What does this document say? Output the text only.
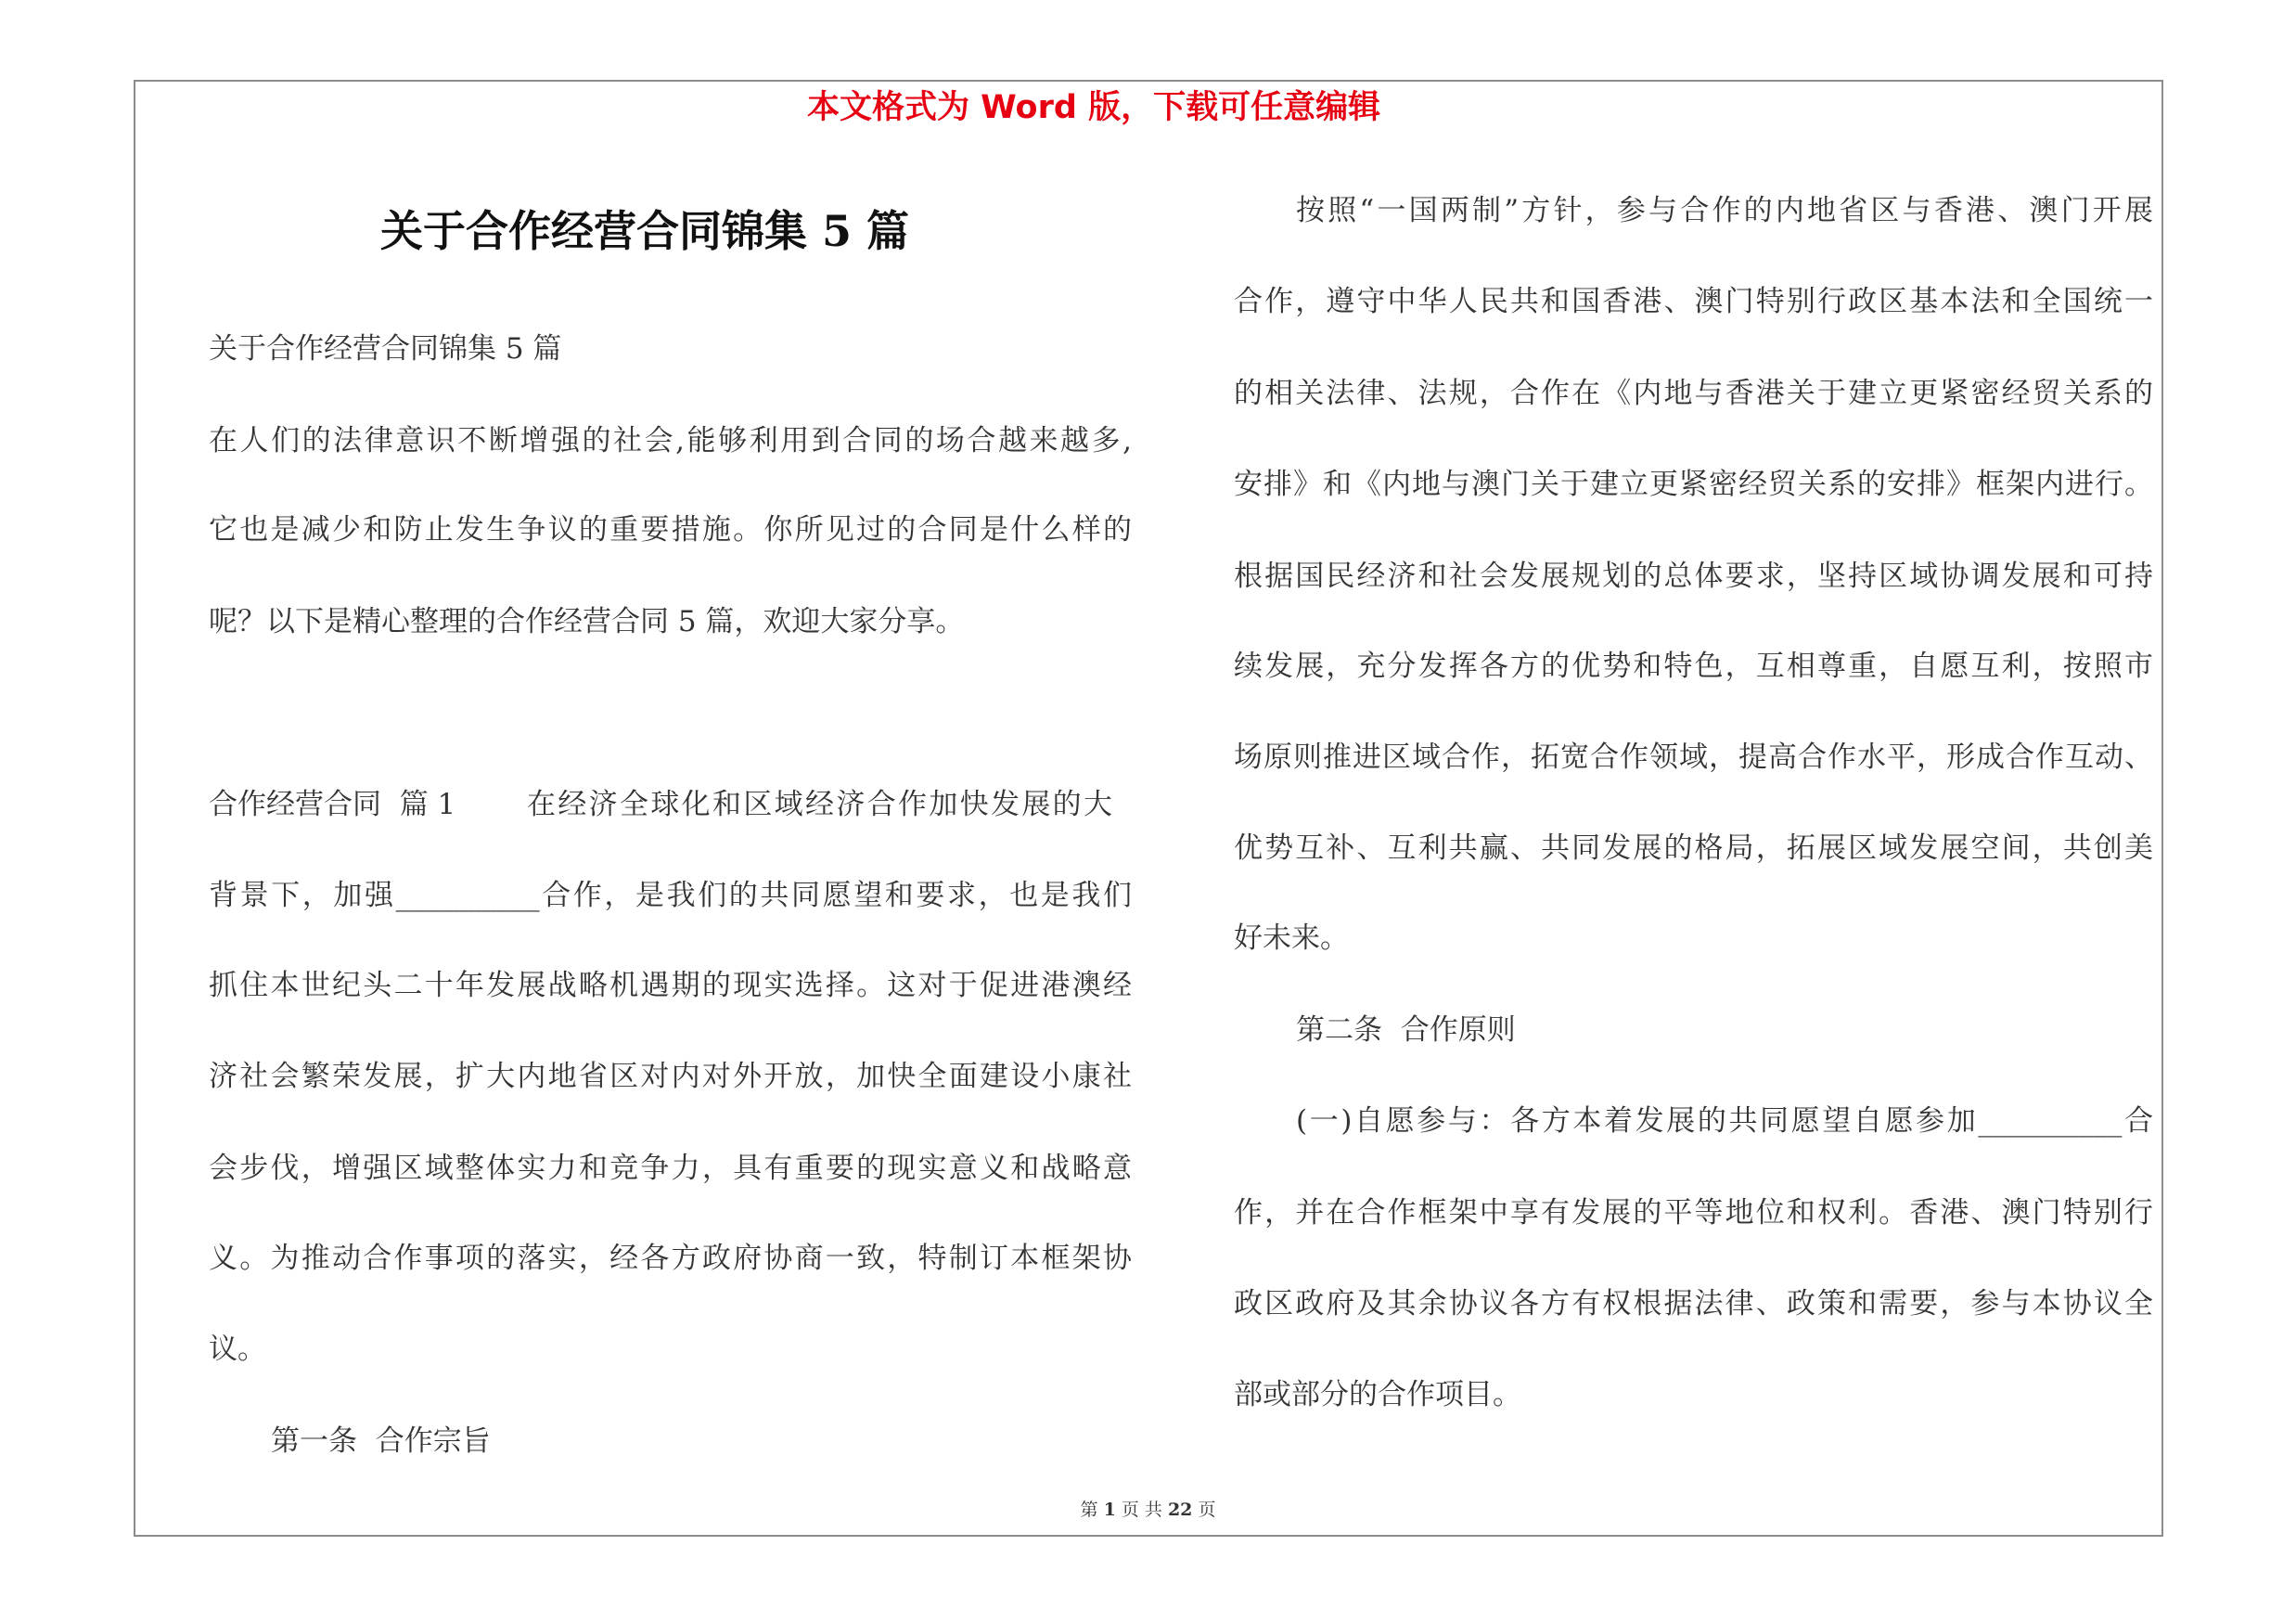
本文格式为 Word 版，下载可任意编辑
关于合作经营合同锦集 5 篇
关于合作经营合同锦集 5 篇
在人们的法律意识不断增强的社会,能够利用到合同的场合越来越多,
它也是减少和防止发生争议的重要措施。你所见过的合同是什么样的
呢？以下是精心整理的合作经营合同 5 篇，欢迎大家分享。
合作经营合同  篇 1 在经济全球化和区域经济合作加快发展的大
背景下，加强__________合作，是我们的共同愿望和要求，也是我们
抓住本世纪头二十年发展战略机遇期的现实选择。这对于促进港澳经
济社会繁荣发展，扩大内地省区对内对外开放，加快全面建设小康社
会步伐，增强区域整体实力和竞争力，具有重要的现实意义和战略意
义。为推动合作事项的落实，经各方政府协商一致，特制订本框架协
议。
第一条  合作宗旨
按照“一国两制”方针，参与合作的内地省区与香港、澳门开展
合作，遵守中华人民共和国香港、澳门特别行政区基本法和全国统一
的相关法律、法规，合作在《内地与香港关于建立更紧密经贸关系的
安排》和《内地与澳门关于建立更紧密经贸关系的安排》框架内进行。
根据国民经济和社会发展规划的总体要求，坚持区域协调发展和可持
续发展，充分发挥各方的优势和特色，互相尊重，自愿互利，按照市
场原则推进区域合作，拓宽合作领域，提高合作水平，形成合作互动、
优势互补、互利共赢、共同发展的格局，拓展区域发展空间，共创美
好未来。
第二条  合作原则
(一)自愿参与：各方本着发展的共同愿望自愿参加__________合
作，并在合作框架中享有发展的平等地位和权利。香港、澳门特别行
政区政府及其余协议各方有权根据法律、政策和需要，参与本协议全
部或部分的合作项目。
第 1 页 共 22 页
